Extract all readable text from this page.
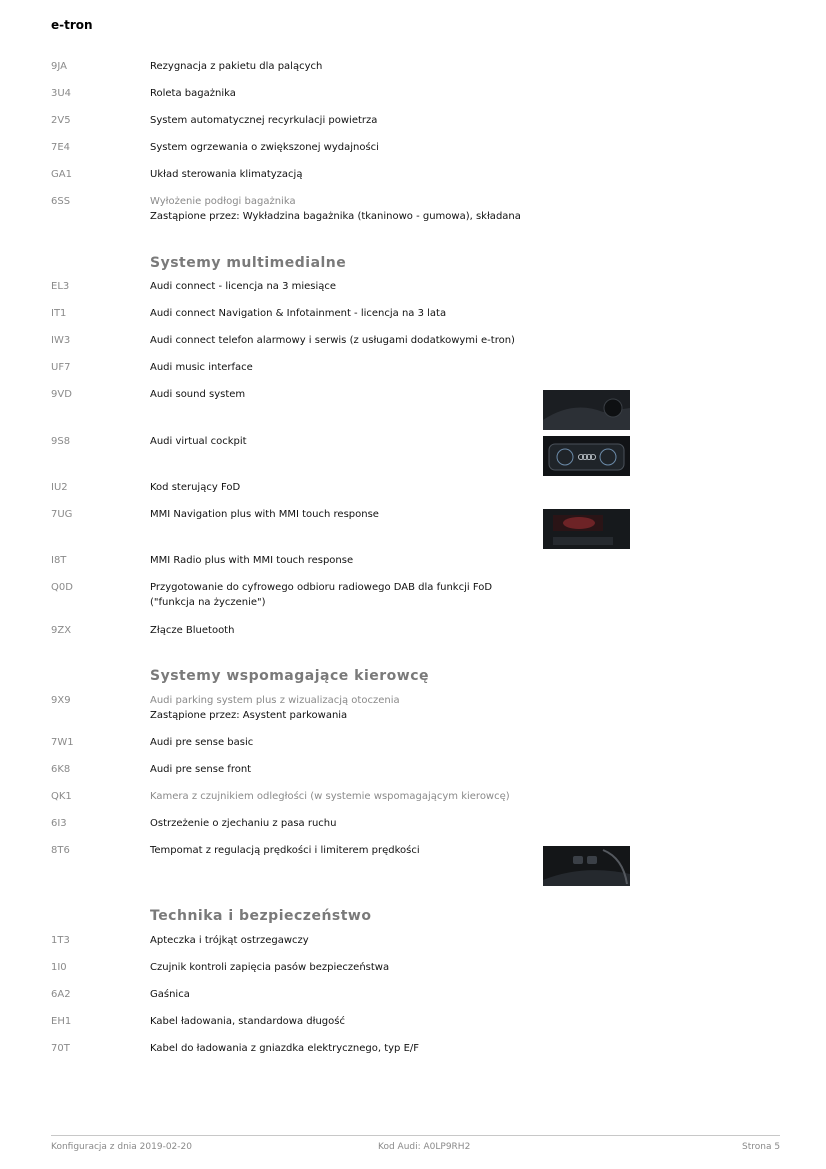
e-tron
9JA	Rezygnacja z pakietu dla palących
3U4	Roleta bagażnika
2V5	System automatycznej recyrkulacji powietrza
7E4	System ogrzewania o zwiększonej wydajności
GA1	Układ sterowania klimatyzacją
6SS	Wyłożenie podłogi bagażnika
Zastąpione przez: Wykładzina bagażnika (tkaninowo - gumowa), składana
Systemy multimedialne
EL3	Audi connect - licencja na 3 miesiące
IT1	Audi connect Navigation & Infotainment - licencja na 3 lata
IW3	Audi connect telefon alarmowy i serwis (z usługami dodatkowymi e-tron)
UF7	Audi music interface
9VD	Audi sound system
9S8	Audi virtual cockpit
IU2	Kod sterujący FoD
7UG	MMI Navigation plus with MMI touch response
I8T	MMI Radio plus with MMI touch response
Q0D	Przygotowanie do cyfrowego odbioru radiowego DAB dla funkcji FoD ("funkcja na życzenie")
9ZX	Złącze Bluetooth
Systemy wspomagające kierowcę
9X9	Audi parking system plus z wizualizacją otoczenia
Zastąpione przez: Asystent parkowania
7W1	Audi pre sense basic
6K8	Audi pre sense front
QK1	Kamera z czujnikiem odległości (w systemie wspomagającym kierowcę)
6I3	Ostrzeżenie o zjechaniu z pasa ruchu
8T6	Tempomat z regulacją prędkości i limiterem prędkości
Technika i bezpieczeństwo
1T3	Apteczka i trójkąt ostrzegawczy
1I0	Czujnik kontroli zapięcia pasów bezpieczeństwa
6A2	Gaśnica
EH1	Kabel ładowania, standardowa długość
70T	Kabel do ładowania z gniazdka elektrycznego, typ E/F
Konfiguracja z dnia 2019-02-20	Kod Audi: A0LP9RH2	Strona 5
